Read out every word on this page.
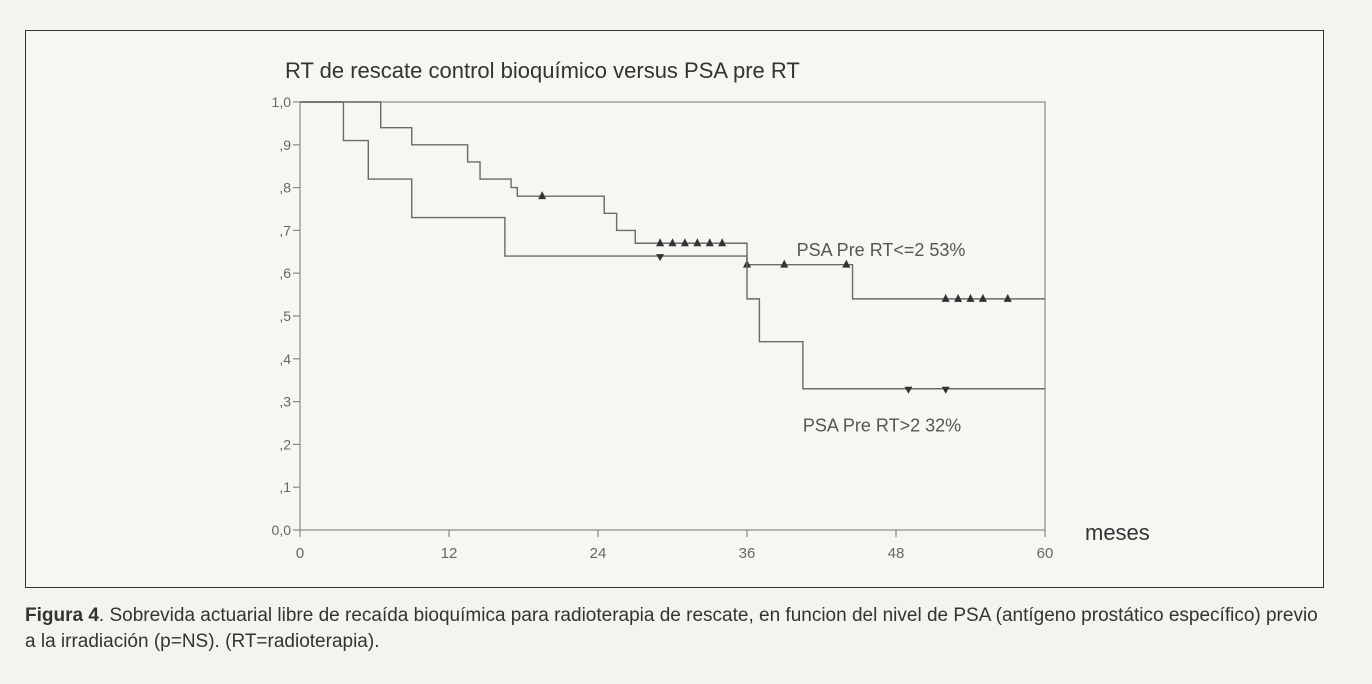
RT de rescate control bioquímico versus PSA pre RT
0,0
,1
,2
,3
,4
,5
,6
,7
,8
,9
1,0
0	12	24	36	48	60
meses
PSA Pre RT<=2 53%
PSA Pre RT>2 32%
Figura 4. Sobrevida actuarial libre de recaída bioquímica para radioterapia de rescate, en funcion del nivel de PSA (antígeno prostático específico) previo a la irradiación (p=NS). (RT=radioterapia).
